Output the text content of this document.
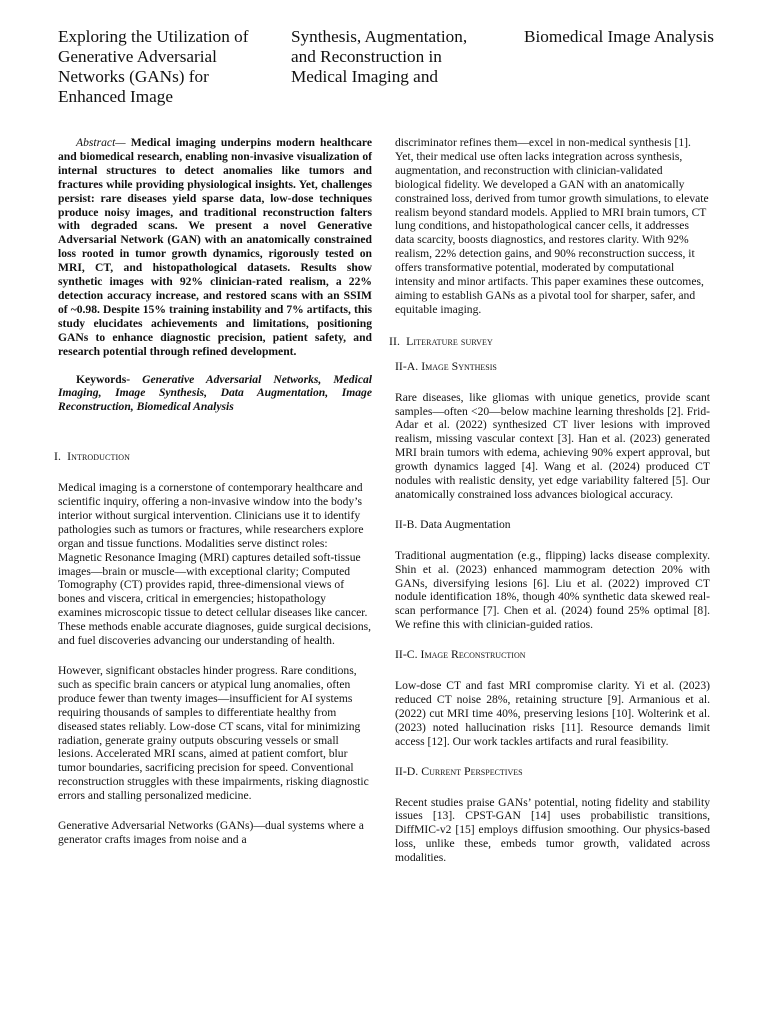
Exploring the Utilization of Generative Adversarial Networks (GANs) for Enhanced Image
Synthesis, Augmentation, and Reconstruction in Medical Imaging and
Biomedical Image Analysis

Abstract— Medical imaging underpins modern healthcare and biomedical research, enabling non-invasive visualization of internal structures to detect anomalies like tumors and fractures while providing physiological insights. Yet, challenges persist: rare diseases yield sparse data, low-dose techniques produce noisy images, and traditional reconstruction falters with degraded scans. We present a novel Generative Adversarial Network (GAN) with an anatomically constrained loss rooted in tumor growth dynamics, rigorously tested on MRI, CT, and histopathological datasets. Results show synthetic images with 92% clinician-rated realism, a 22% detection accuracy increase, and restored scans with an SSIM of ~0.98. Despite 15% training instability and 7% artifacts, this study elucidates achievements and limitations, positioning GANs to enhance diagnostic precision, patient safety, and research potential through refined development.

Keywords- Generative Adversarial Networks, Medical Imaging, Image Synthesis, Data Augmentation, Image Reconstruction, Biomedical Analysis

I. Introduction

Medical imaging is a cornerstone of contemporary healthcare and scientific inquiry, offering a non-invasive window into the body’s interior without surgical intervention. Clinicians use it to identify pathologies such as tumors or fractures, while researchers explore organ and tissue functions. Modalities serve distinct roles: Magnetic Resonance Imaging (MRI) captures detailed soft-tissue images—brain or muscle—with exceptional clarity; Computed Tomography (CT) provides rapid, three-dimensional views of bones and viscera, critical in emergencies; histopathology examines microscopic tissue to detect cellular diseases like cancer. These methods enable accurate diagnoses, guide surgical decisions, and fuel discoveries advancing our understanding of health.

However, significant obstacles hinder progress. Rare conditions, such as specific brain cancers or atypical lung anomalies, often produce fewer than twenty images—insufficient for AI systems requiring thousands of samples to differentiate healthy from diseased states reliably. Low-dose CT scans, vital for minimizing radiation, generate grainy outputs obscuring vessels or small lesions. Accelerated MRI scans, aimed at patient comfort, blur tumor boundaries, sacrificing precision for speed. Conventional reconstruction struggles with these impairments, risking diagnostic errors and stalling personalized medicine.

Generative Adversarial Networks (GANs)—dual systems where a generator crafts images from noise and a

discriminator refines them—excel in non-medical synthesis [1]. Yet, their medical use often lacks integration across synthesis, augmentation, and reconstruction with clinician-validated biological fidelity. We developed a GAN with an anatomically constrained loss, derived from tumor growth simulations, to elevate realism beyond standard models. Applied to MRI brain tumors, CT lung conditions, and histopathological cancer cells, it addresses data scarcity, boosts diagnostics, and restores clarity. With 92% realism, 22% detection gains, and 90% reconstruction success, it offers transformative potential, moderated by computational intensity and minor artifacts. This paper examines these outcomes, aiming to establish GANs as a pivotal tool for sharper, safer, and equitable imaging.

II. Literature survey
II-A. Image Synthesis

Rare diseases, like gliomas with unique genetics, provide scant samples—often <20—below machine learning thresholds [2]. Frid-Adar et al. (2022) synthesized CT liver lesions with improved realism, missing vascular context [3]. Han et al. (2023) generated MRI brain tumors with edema, achieving 90% expert approval, but growth dynamics lagged [4]. Wang et al. (2024) produced CT nodules with realistic density, yet edge variability faltered [5]. Our anatomically constrained loss advances biological accuracy.

II-B. Data Augmentation

Traditional augmentation (e.g., flipping) lacks disease complexity. Shin et al. (2023) enhanced mammogram detection 20% with GANs, diversifying lesions [6]. Liu et al. (2022) improved CT nodule identification 18%, though 40% synthetic data skewed real-scan performance [7]. Chen et al. (2024) found 25% optimal [8]. We refine this with clinician-guided ratios.

II-C. Image Reconstruction

Low-dose CT and fast MRI compromise clarity. Yi et al. (2023) reduced CT noise 28%, retaining structure [9]. Armanious et al. (2022) cut MRI time 40%, preserving lesions [10]. Wolterink et al. (2023) noted hallucination risks [11]. Resource demands limit access [12]. Our work tackles artifacts and rural feasibility.

II-D. Current Perspectives

Recent studies praise GANs’ potential, noting fidelity and stability issues [13]. CPST-GAN [14] uses probabilistic transitions, DiffMIC-v2 [15] employs diffusion smoothing. Our physics-based loss, unlike these, embeds tumor growth, validated across modalities.
